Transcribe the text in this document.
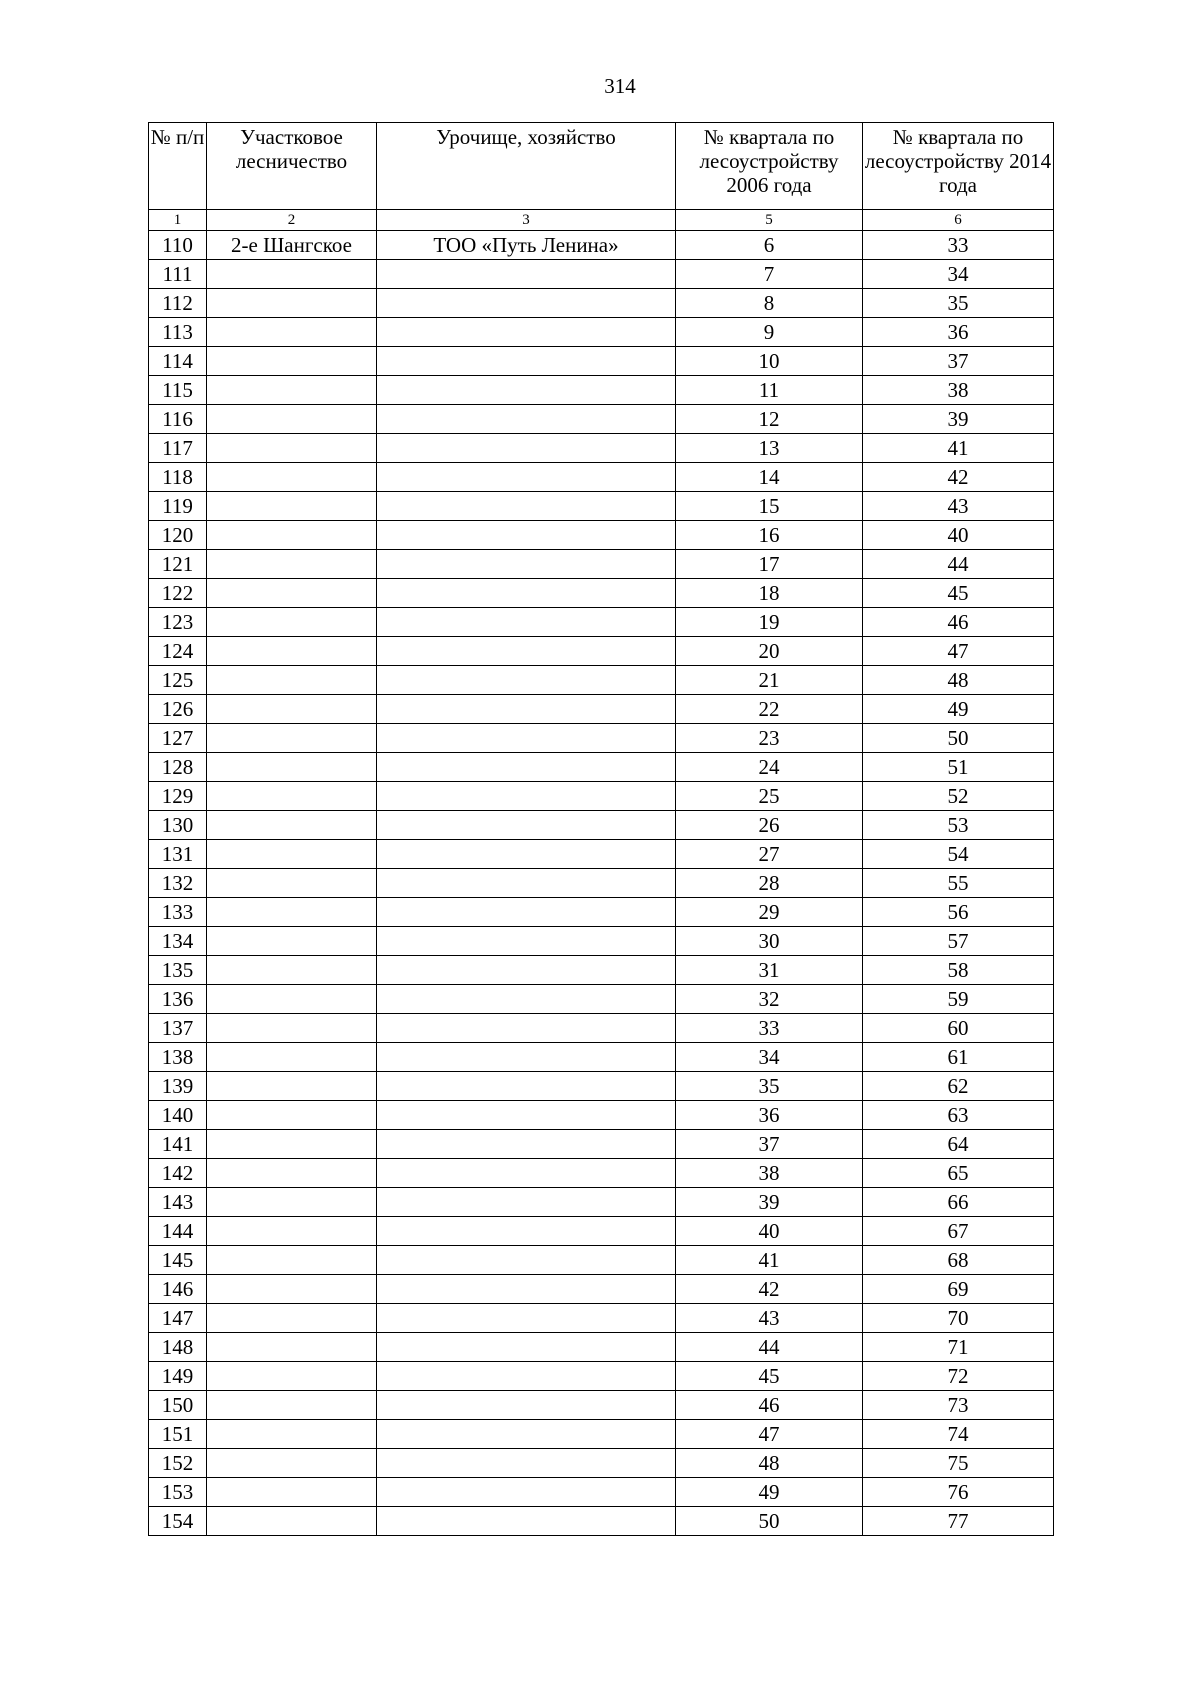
314
№ п/п	Участковое лесничество	Урочище, хозяйство	№ квартала по лесоустройству 2006 года	№ квартала по лесоустройству 2014 года
1	2	3	5	6
110	2-е Шангское	ТОО «Путь Ленина»	6	33
111			7	34
112			8	35
113			9	36
114			10	37
115			11	38
116			12	39
117			13	41
118			14	42
119			15	43
120			16	40
121			17	44
122			18	45
123			19	46
124			20	47
125			21	48
126			22	49
127			23	50
128			24	51
129			25	52
130			26	53
131			27	54
132			28	55
133			29	56
134			30	57
135			31	58
136			32	59
137			33	60
138			34	61
139			35	62
140			36	63
141			37	64
142			38	65
143			39	66
144			40	67
145			41	68
146			42	69
147			43	70
148			44	71
149			45	72
150			46	73
151			47	74
152			48	75
153			49	76
154			50	77
